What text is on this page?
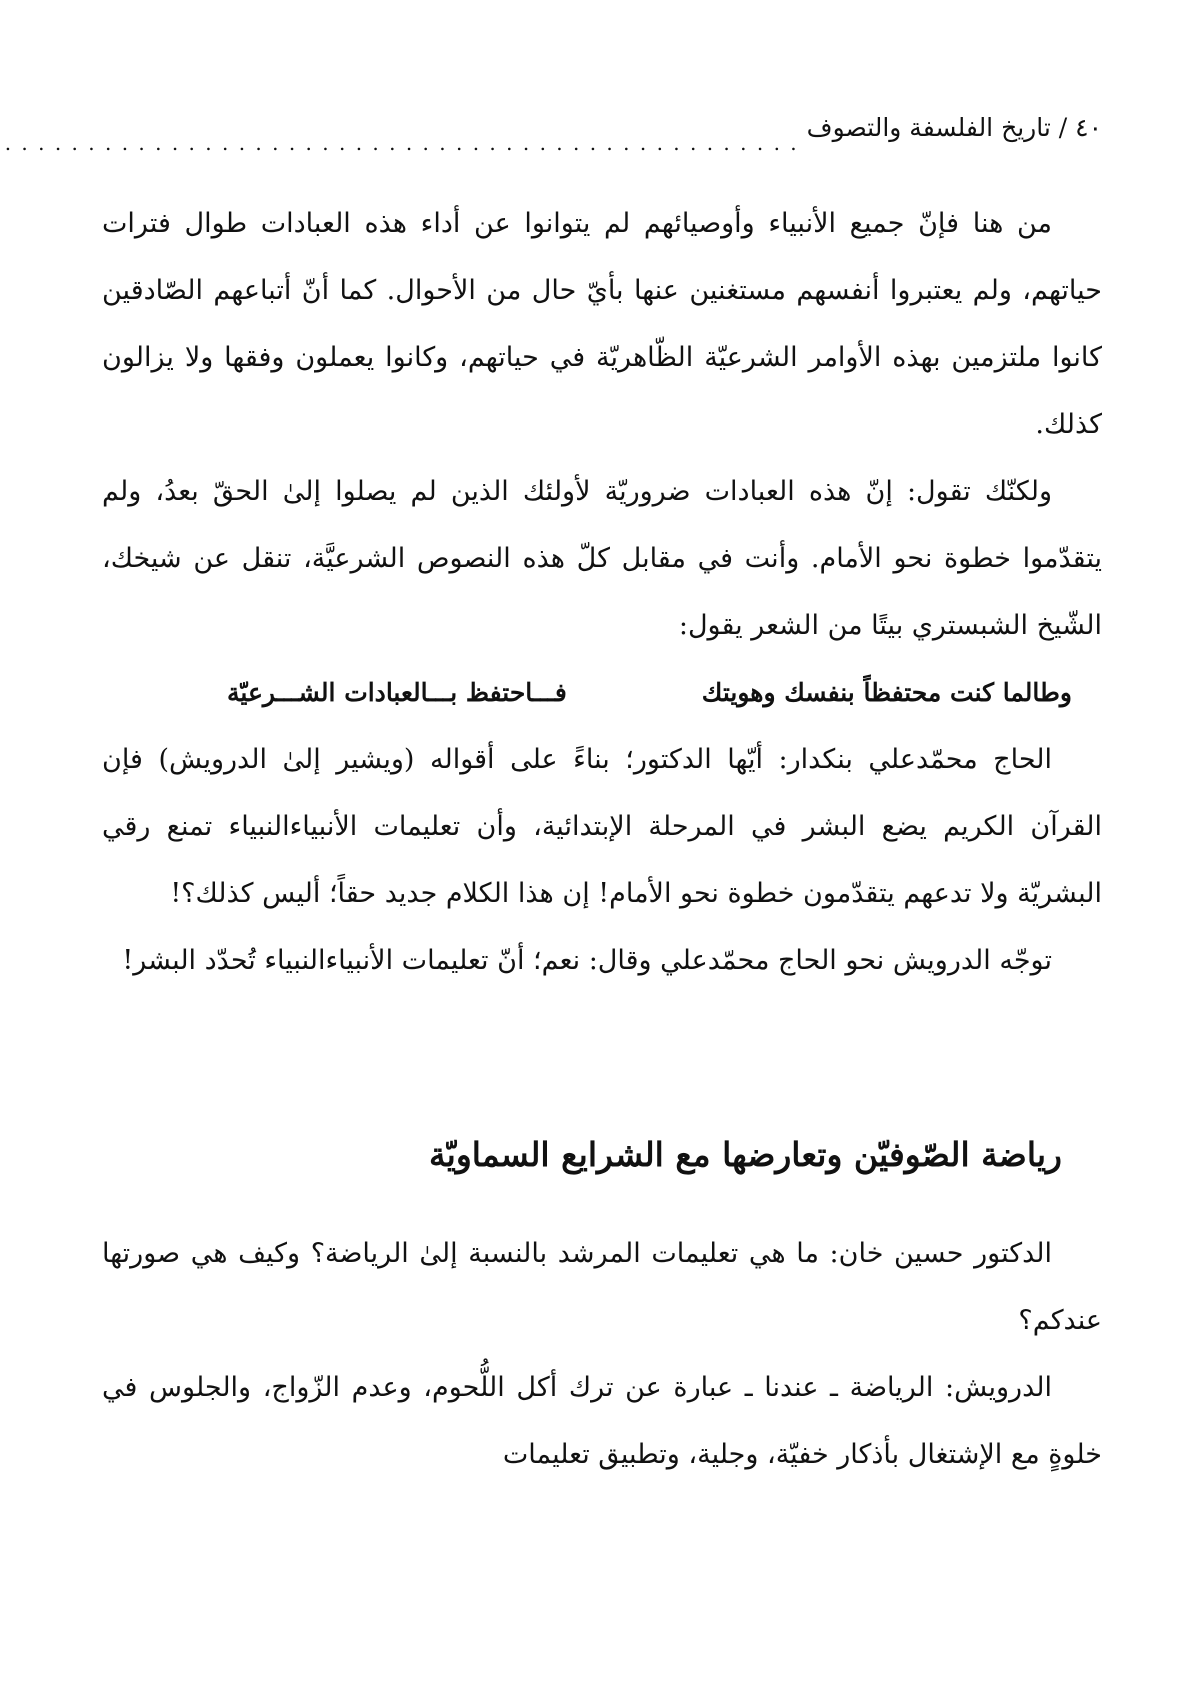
٤٠ / تاريخ الفلسفة والتصوف
. . . . . . . . . . . . . . . . . . . . . . . . . . . . . . . . . . . . . . . . . . . . . . . .

من هنا فإنّ جميع الأنبياء وأوصيائهم لم يتوانوا عن أداء هذه العبادات طوال فترات حياتهم، ولم يعتبروا أنفسهم مستغنين عنها بأيّ حال من الأحوال. كما أنّ أتباعهم الصّادقين كانوا ملتزمين بهذه الأوامر الشرعيّة الظّاهريّة في حياتهم، وكانوا يعملون وفقها ولا يزالون كذلك.

ولكنّك تقول: إنّ هذه العبادات ضروريّة لأولئك الذين لم يصلوا إلىٰ الحقّ بعدُ، ولم يتقدّموا خطوة نحو الأمام. وأنت في مقابل كلّ هذه النصوص الشرعيَّة، تنقل عن شيخك، الشّيخ الشبستري بيتًا من الشعر يقول:

وطالما كنت محتفظاً بنفسك وهويتك
فـــاحتفظ بـــالعبادات الشـــرعيّة

الحاج محمّدعلي بنكدار: أيّها الدكتور؛ بناءً على أقواله (ويشير إلىٰ الدرويش) فإن القرآن الكريم يضع البشر في المرحلة الإبتدائية، وأن تعليمات الأنبياءالنبياء تمنع رقي البشريّة ولا تدعهم يتقدّمون خطوة نحو الأمام! إن هذا الكلام جديد حقاً؛ أليس كذلك؟!

توجّه الدرويش نحو الحاج محمّدعلي وقال: نعم؛ أنّ تعليمات الأنبياءالنبياء تُحدّد البشر!

رياضة الصّوفيّن وتعارضها مع الشرايع السماويّة

الدكتور حسين خان: ما هي تعليمات المرشد بالنسبة إلىٰ الرياضة؟ وكيف هي صورتها عندكم؟

الدرويش: الرياضة ـ عندنا ـ عبارة عن ترك أكل اللُّحوم، وعدم الزّواج، والجلوس في خلوةٍ مع الإشتغال بأذكار خفيّة، وجلية، وتطبيق تعليمات
